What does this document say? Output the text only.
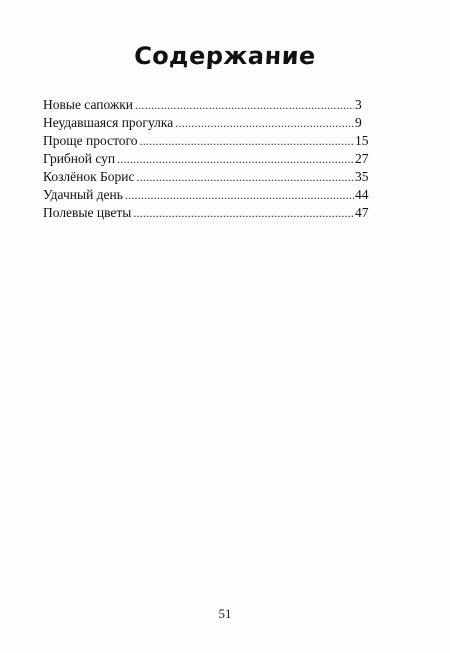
Содержание
Новые сапожки .....	3
Неудавшаяся прогулка .....	9
Проще простого .....	15
Грибной суп .....	27
Козлёнок Борис .....	35
Удачный день .....	44
Полевые цветы .....	47
51
